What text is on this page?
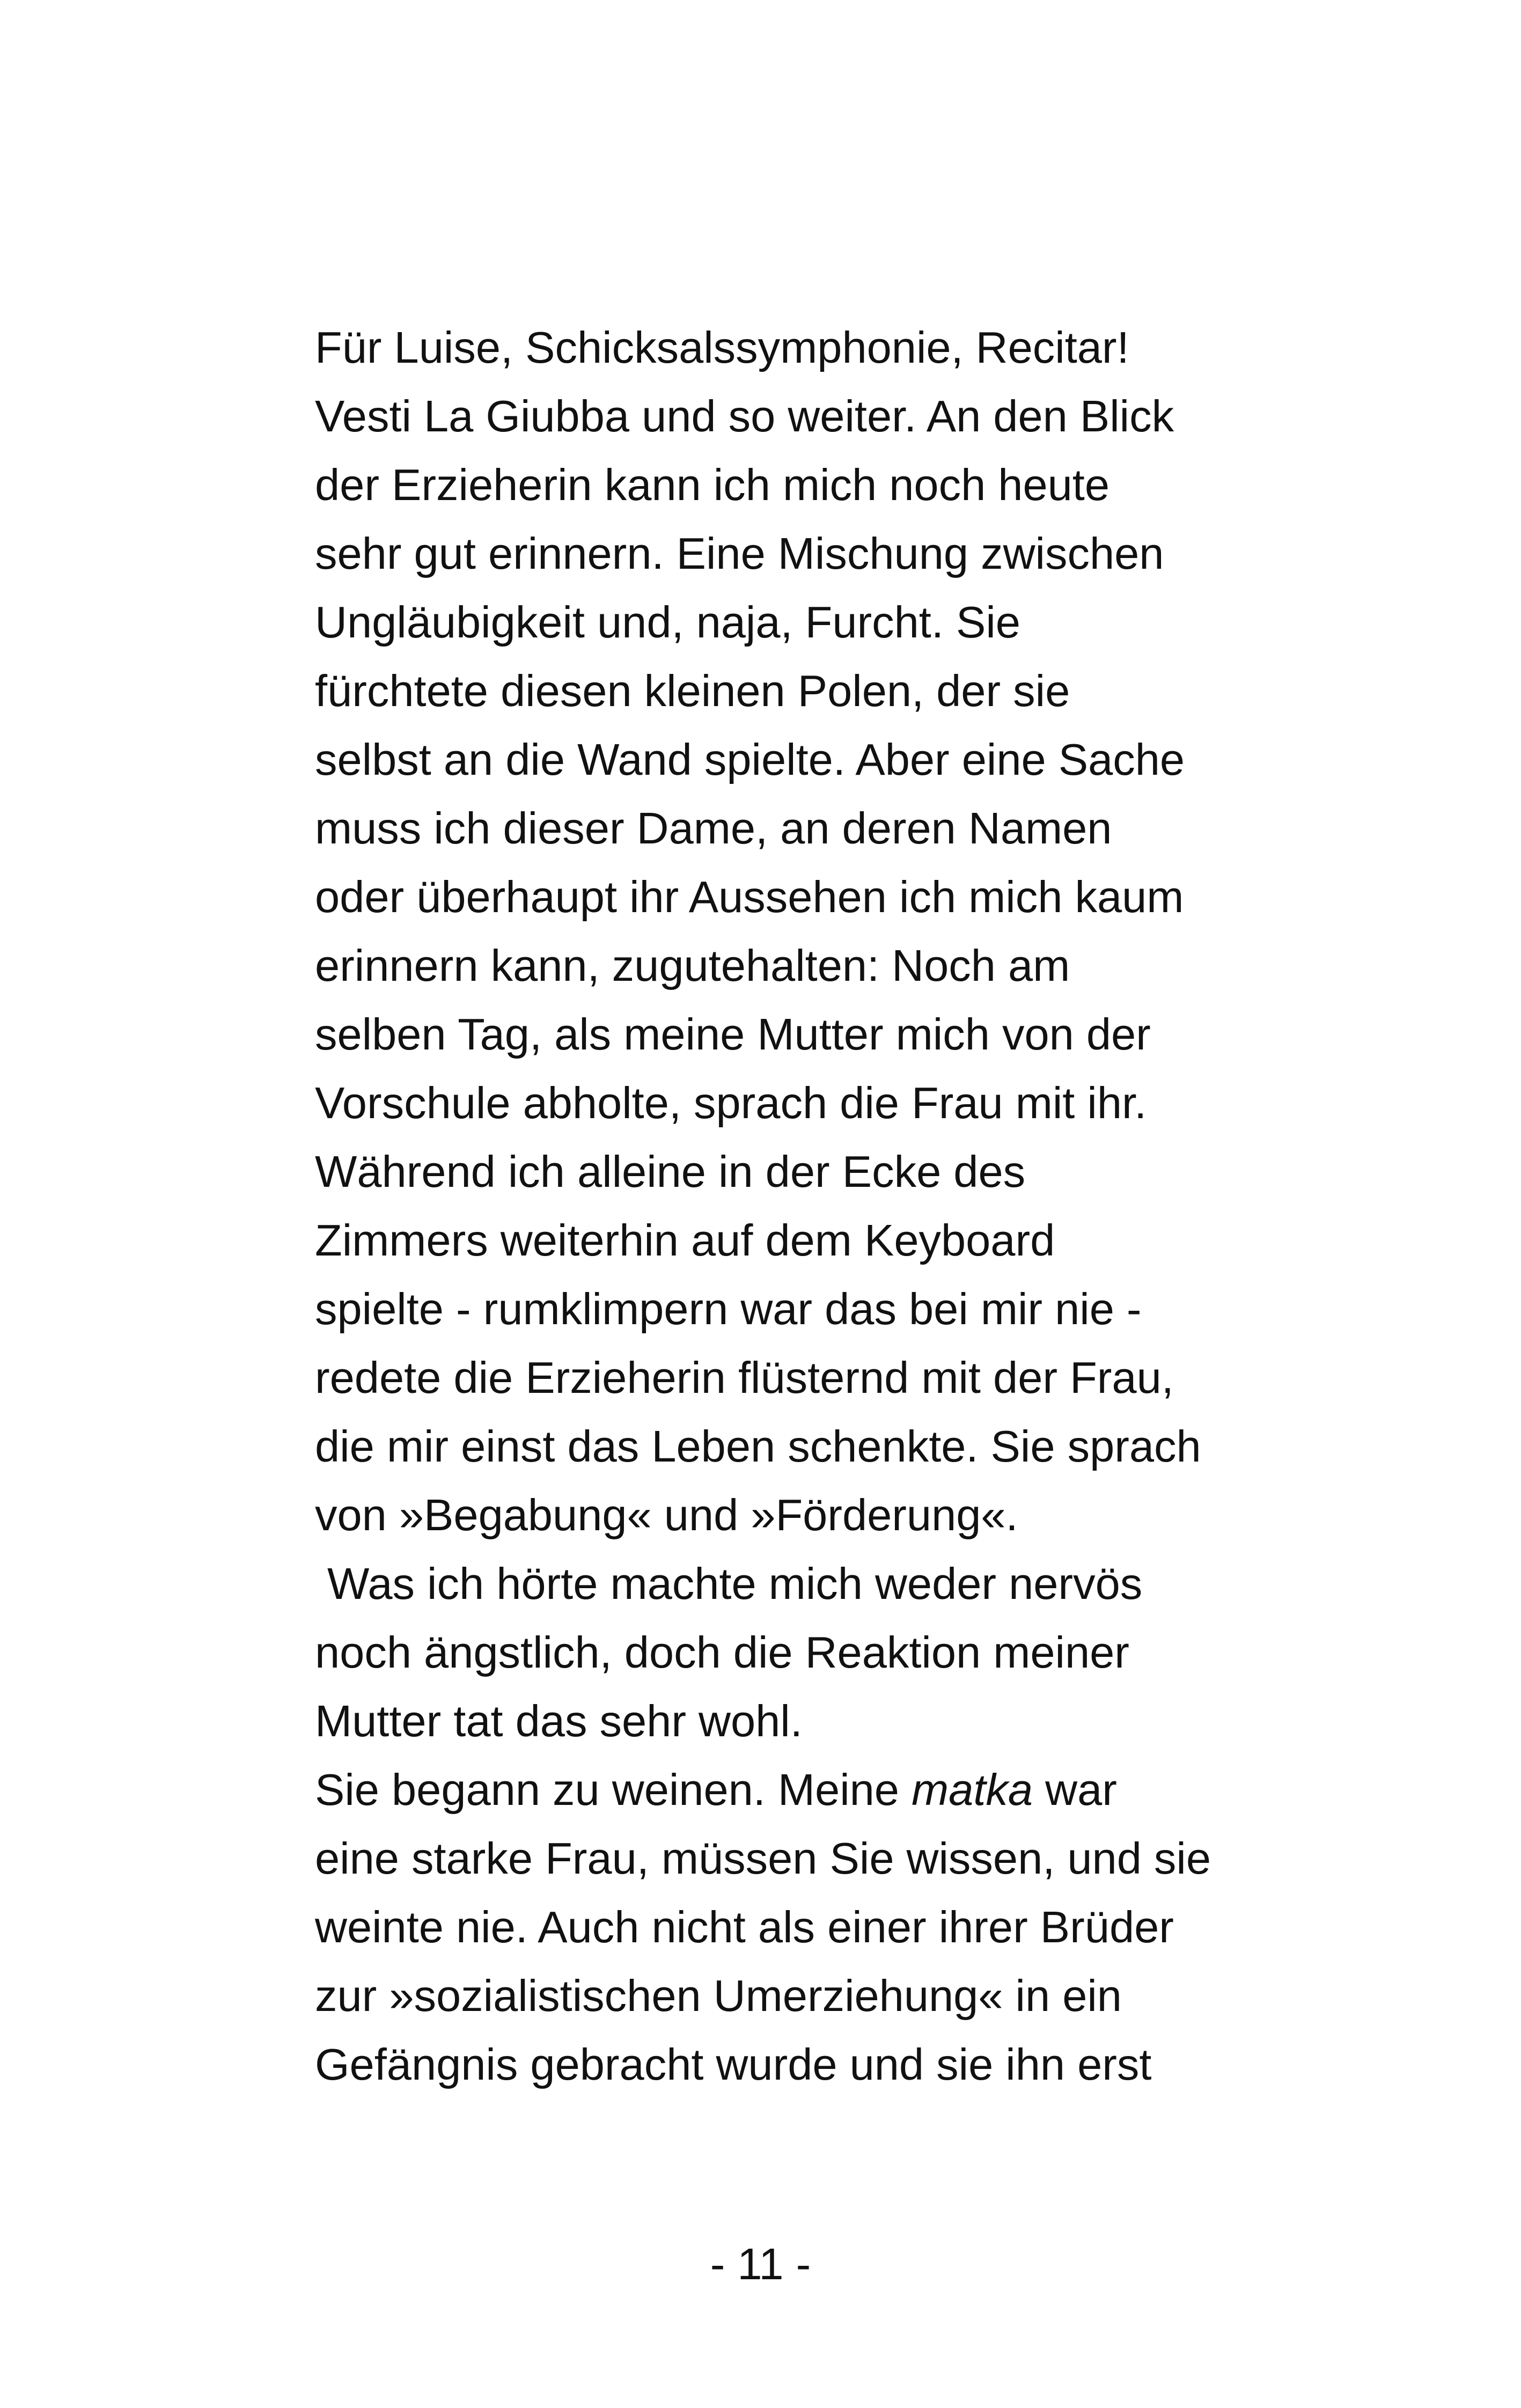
Für Luise, Schicksalssymphonie, Recitar!
Vesti La Giubba und so weiter. An den Blick
der Erzieherin kann ich mich noch heute
sehr gut erinnern. Eine Mischung zwischen
Ungläubigkeit und, naja, Furcht. Sie
fürchtete diesen kleinen Polen, der sie
selbst an die Wand spielte. Aber eine Sache
muss ich dieser Dame, an deren Namen
oder überhaupt ihr Aussehen ich mich kaum
erinnern kann, zugutehalten: Noch am
selben Tag, als meine Mutter mich von der
Vorschule abholte, sprach die Frau mit ihr.
Während ich alleine in der Ecke des
Zimmers weiterhin auf dem Keyboard
spielte - rumklimpern war das bei mir nie -
redete die Erzieherin flüsternd mit der Frau,
die mir einst das Leben schenkte. Sie sprach
von »Begabung« und »Förderung«.
Was ich hörte machte mich weder nervös
noch ängstlich, doch die Reaktion meiner
Mutter tat das sehr wohl.
Sie begann zu weinen. Meine matka war
eine starke Frau, müssen Sie wissen, und sie
weinte nie. Auch nicht als einer ihrer Brüder
zur »sozialistischen Umerziehung« in ein
Gefängnis gebracht wurde und sie ihn erst
- 11 -
